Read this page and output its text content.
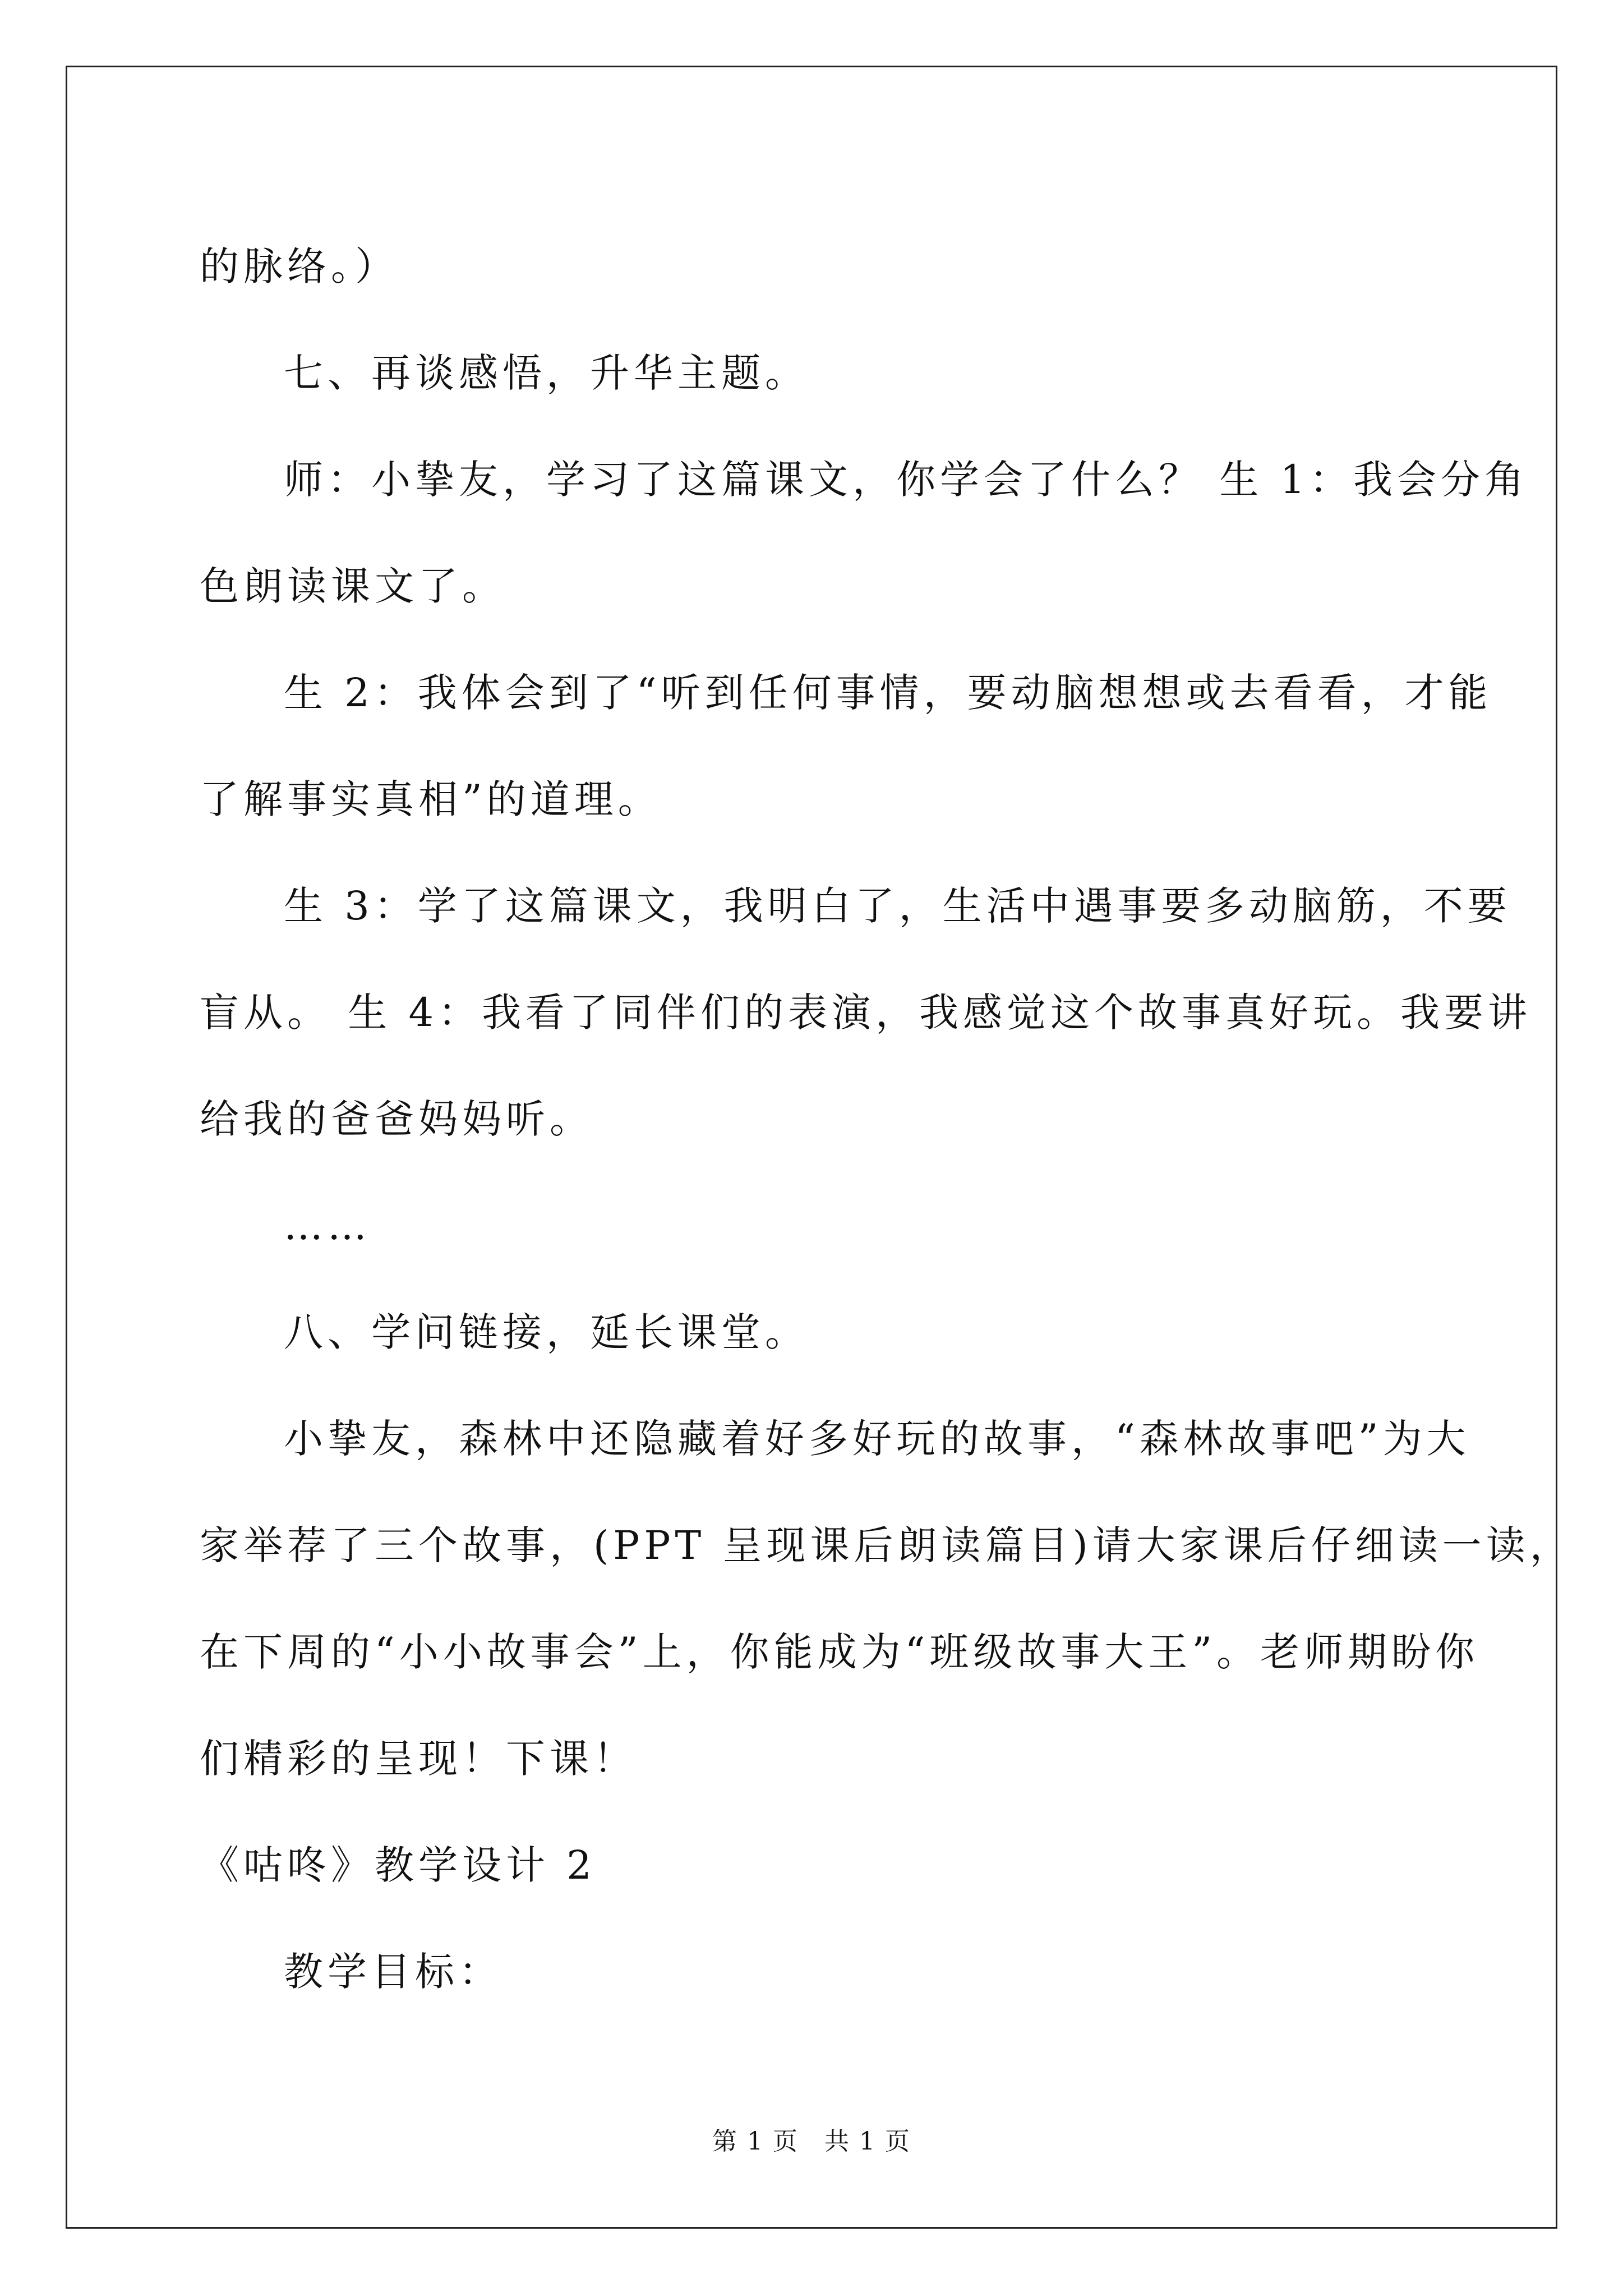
的脉络。）
七、再谈感悟，升华主题。
师：小挚友，学习了这篇课文，你学会了什么？ 生 1：我会分角
色朗读课文了。
生 2：我体会到了“听到任何事情，要动脑想想或去看看，才能
了解事实真相”的道理。
生 3：学了这篇课文，我明白了，生活中遇事要多动脑筋，不要
盲从。 生 4：我看了同伴们的表演，我感觉这个故事真好玩。我要讲
给我的爸爸妈妈听。
……
八、学问链接，延长课堂。
小挚友，森林中还隐藏着好多好玩的故事，“森林故事吧”为大
家举荐了三个故事，(PPT 呈现课后朗读篇目)请大家课后仔细读一读，
在下周的“小小故事会”上，你能成为“班级故事大王”。老师期盼你
们精彩的呈现！下课！
《咕咚》教学设计 2
教学目标：
第 1 页　共 1 页
